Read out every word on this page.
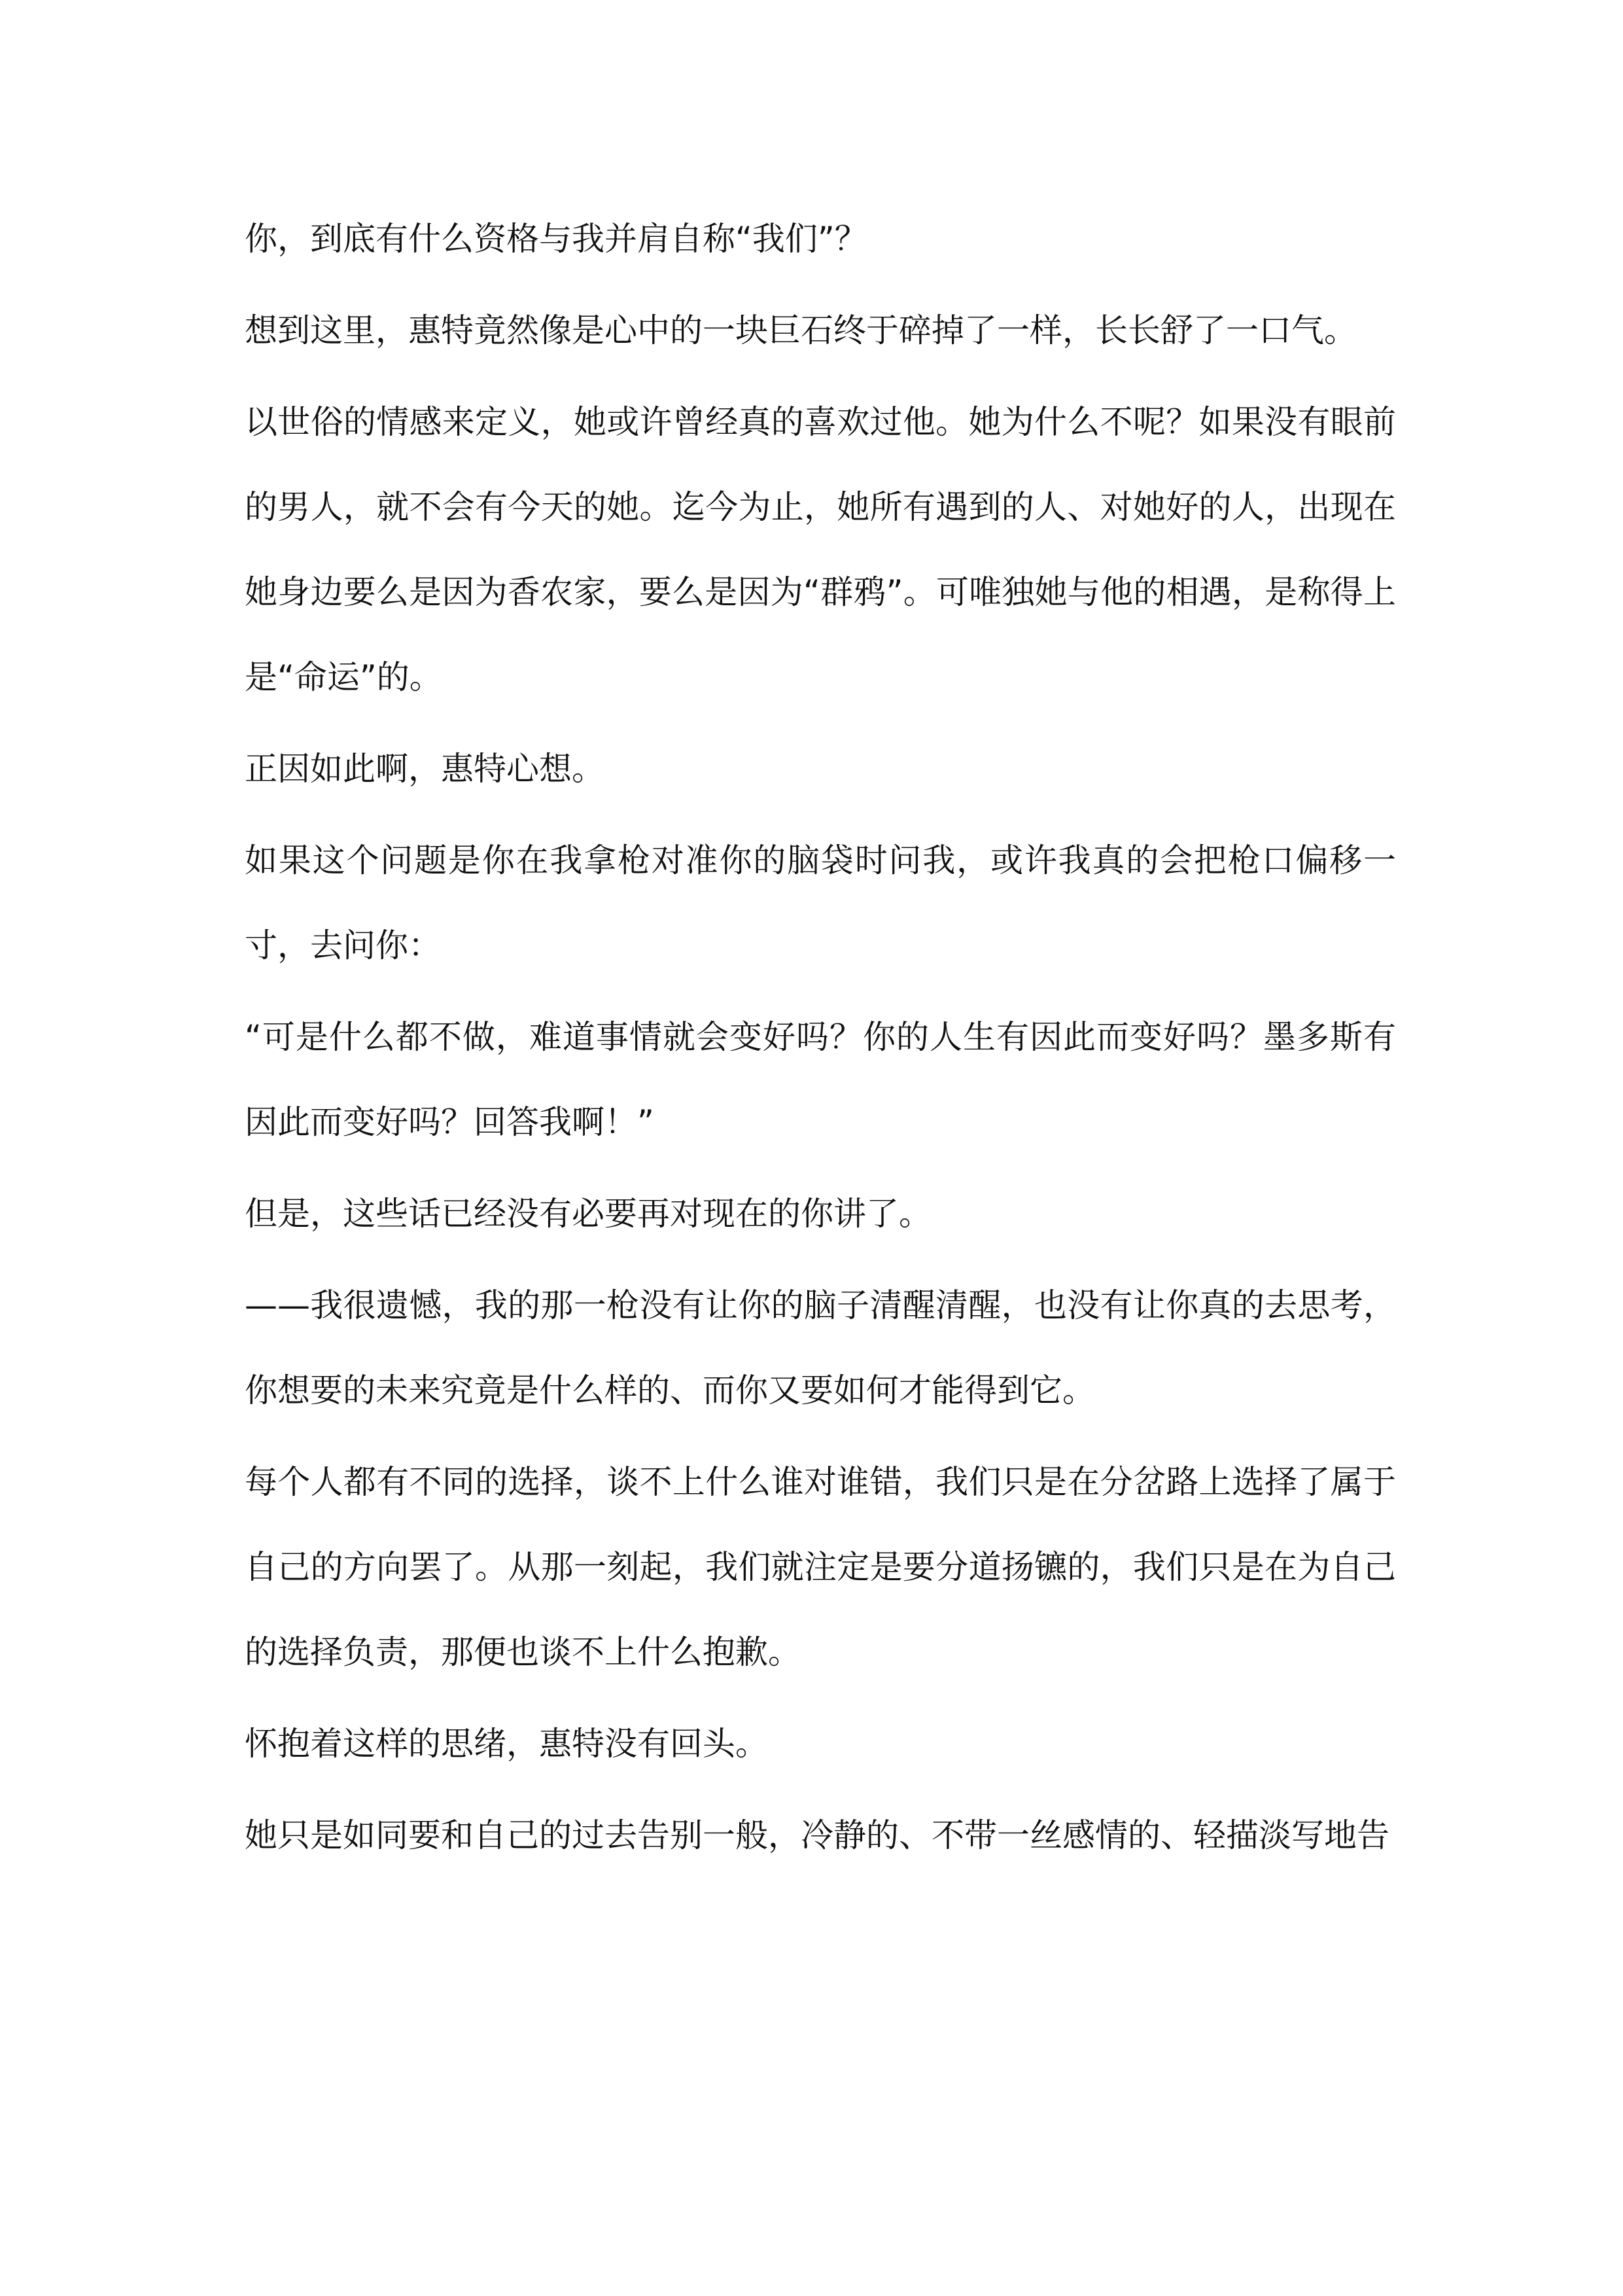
你，到底有什么资格与我并肩自称“我们”？

想到这里，惠特竟然像是心中的一块巨石终于碎掉了一样，长长舒了一口气。

以世俗的情感来定义，她或许曾经真的喜欢过他。她为什么不呢？如果没有眼前的男人，就不会有今天的她。迄今为止，她所有遇到的人、对她好的人，出现在她身边要么是因为香农家，要么是因为“群鸦”。可唯独她与他的相遇，是称得上是“命运”的。

正因如此啊，惠特心想。

如果这个问题是你在我拿枪对准你的脑袋时问我，或许我真的会把枪口偏移一寸，去问你：

“可是什么都不做，难道事情就会变好吗？你的人生有因此而变好吗？墨多斯有因此而变好吗？回答我啊！”

但是，这些话已经没有必要再对现在的你讲了。

——我很遗憾，我的那一枪没有让你的脑子清醒清醒，也没有让你真的去思考，你想要的未来究竟是什么样的、而你又要如何才能得到它。

每个人都有不同的选择，谈不上什么谁对谁错，我们只是在分岔路上选择了属于自己的方向罢了。从那一刻起，我们就注定是要分道扬镳的，我们只是在为自己的选择负责，那便也谈不上什么抱歉。

怀抱着这样的思绪，惠特没有回头。

她只是如同要和自己的过去告别一般，冷静的、不带一丝感情的、轻描淡写地告
